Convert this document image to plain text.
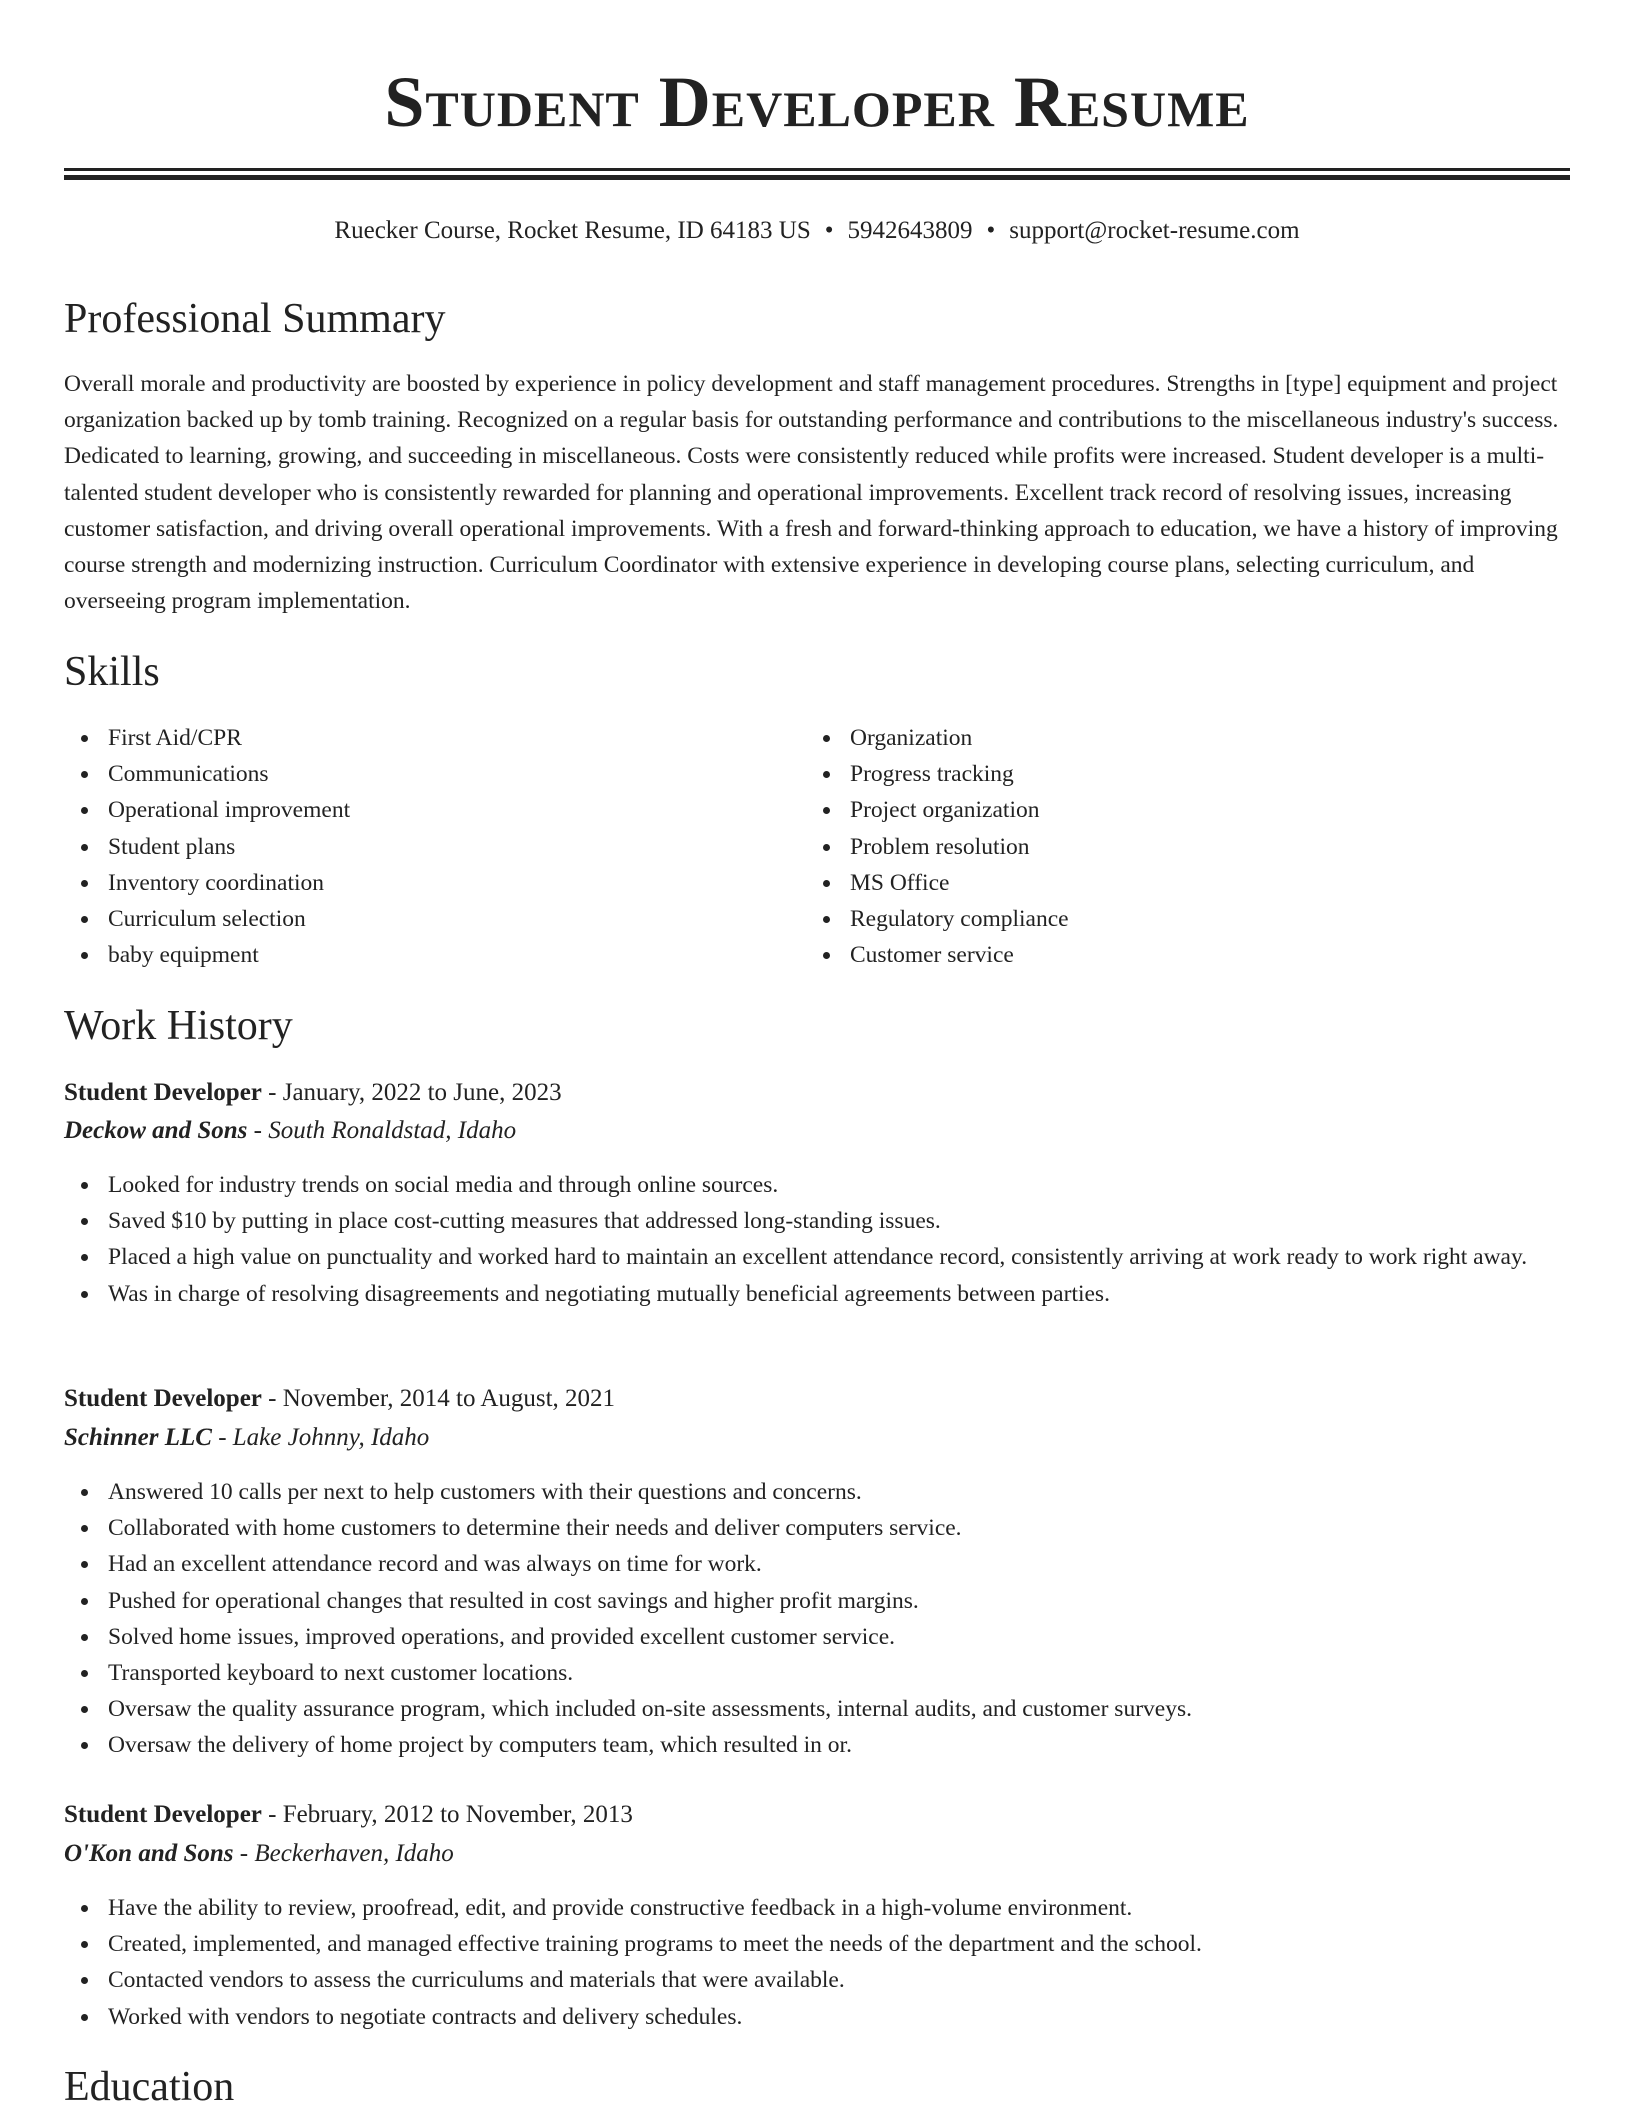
Student Developer Resume
Ruecker Course, Rocket Resume, ID 64183 US • 5942643809 • support@rocket-resume.com
Professional Summary

Overall morale and productivity are boosted by experience in policy development and staff management procedures. Strengths in [type] equipment and project organization backed up by tomb training. Recognized on a regular basis for outstanding performance and contributions to the miscellaneous industry's success. Dedicated to learning, growing, and succeeding in miscellaneous. Costs were consistently reduced while profits were increased. Student developer is a multi-talented student developer who is consistently rewarded for planning and operational improvements. Excellent track record of resolving issues, increasing customer satisfaction, and driving overall operational improvements. With a fresh and forward-thinking approach to education, we have a history of improving course strength and modernizing instruction. Curriculum Coordinator with extensive experience in developing course plans, selecting curriculum, and overseeing program implementation.

Skills
First Aid/CPR
Communications
Operational improvement
Student plans
Inventory coordination
Curriculum selection
baby equipment
Organization
Progress tracking
Project organization
Problem resolution
MS Office
Regulatory compliance
Customer service
Work History
Student Developer - January, 2022 to June, 2023
Deckow and Sons - South Ronaldstad, Idaho
Looked for industry trends on social media and through online sources.
Saved $10 by putting in place cost-cutting measures that addressed long-standing issues.
Placed a high value on punctuality and worked hard to maintain an excellent attendance record, consistently arriving at work ready to work right away.
Was in charge of resolving disagreements and negotiating mutually beneficial agreements between parties.
Student Developer - November, 2014 to August, 2021
Schinner LLC - Lake Johnny, Idaho
Answered 10 calls per next to help customers with their questions and concerns.
Collaborated with home customers to determine their needs and deliver computers service.
Had an excellent attendance record and was always on time for work.
Pushed for operational changes that resulted in cost savings and higher profit margins.
Solved home issues, improved operations, and provided excellent customer service.
Transported keyboard to next customer locations.
Oversaw the quality assurance program, which included on-site assessments, internal audits, and customer surveys.
Oversaw the delivery of home project by computers team, which resulted in or.
Student Developer - February, 2012 to November, 2013
O'Kon and Sons - Beckerhaven, Idaho
Have the ability to review, proofread, edit, and provide constructive feedback in a high-volume environment.
Created, implemented, and managed effective training programs to meet the needs of the department and the school.
Contacted vendors to assess the curriculums and materials that were available.
Worked with vendors to negotiate contracts and delivery schedules.
Education
